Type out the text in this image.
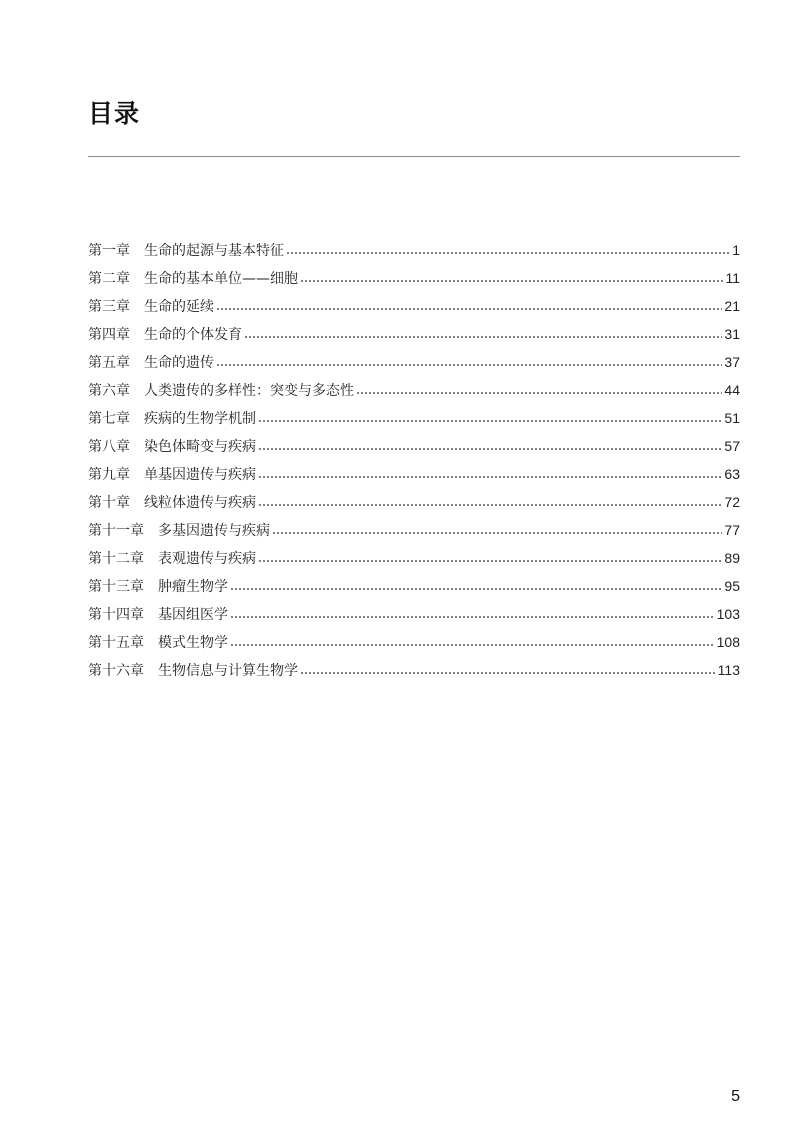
目录
第一章 生命的起源与基本特征	1
第二章 生命的基本单位——细胞	11
第三章 生命的延续	21
第四章 生命的个体发育	31
第五章 生命的遗传	37
第六章 人类遗传的多样性：突变与多态性	44
第七章 疾病的生物学机制	51
第八章 染色体畸变与疾病	57
第九章 单基因遗传与疾病	63
第十章 线粒体遗传与疾病	72
第十一章 多基因遗传与疾病	77
第十二章 表观遗传与疾病	89
第十三章 肿瘤生物学	95
第十四章 基因组医学	103
第十五章 模式生物学	108
第十六章 生物信息与计算生物学	113
5
